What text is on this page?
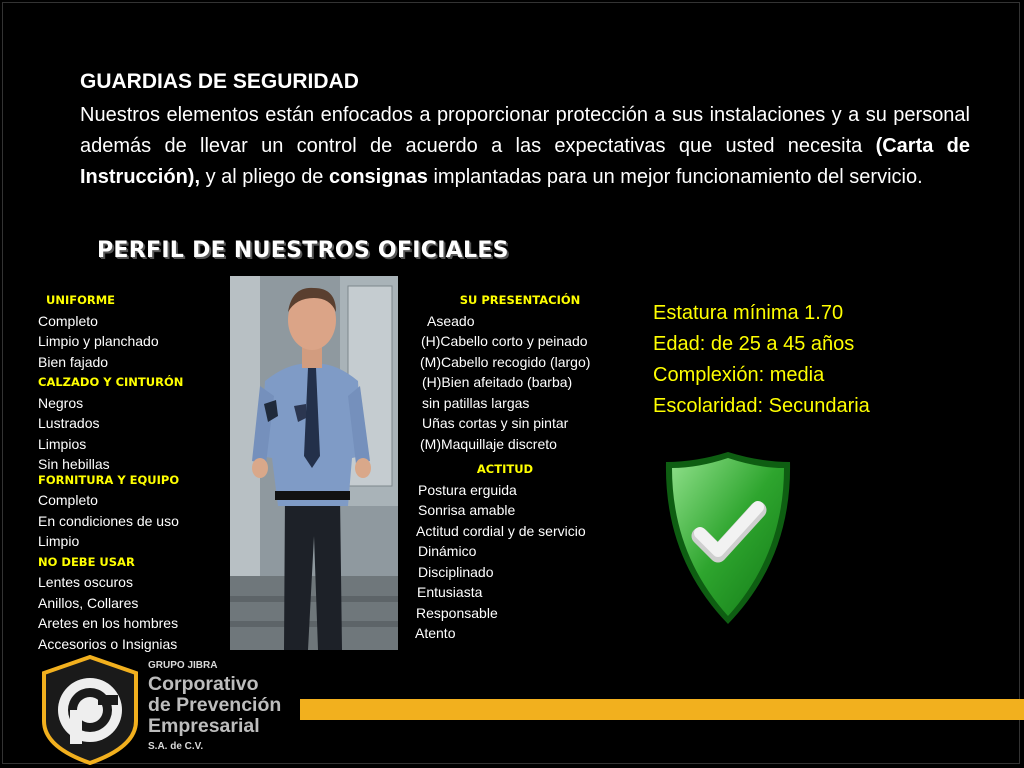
GUARDIAS DE SEGURIDAD
Nuestros elementos están enfocados a proporcionar protección a sus instalaciones y a su personal además de llevar un control de acuerdo a las expectativas que usted necesita (Carta de Instrucción), y al pliego de consignas implantadas para un mejor funcionamiento del servicio.
PERFIL DE NUESTROS OFICIALES
UNIFORME
Completo
Limpio y planchado
Bien fajado
CALZADO Y CINTURÓN
Negros
Lustrados
Limpios
Sin hebillas
FORNITURA Y EQUIPO
Completo
En condiciones de uso
Limpio
NO DEBE USAR
Lentes oscuros
Anillos, Collares
Aretes en los hombres
Accesorios o Insignias
SU PRESENTACIÓN
Aseado
(H)Cabello corto y peinado
(M)Cabello recogido (largo)
(H)Bien afeitado (barba)
sin patillas largas
Uñas cortas y sin pintar
(M)Maquillaje discreto
ACTITUD
Postura erguida
Sonrisa amable
Actitud cordial y de servicio
Dinámico
Disciplinado
Entusiasta
Responsable
Atento
Estatura mínima 1.70
Edad: de 25 a 45 años
Complexión: media
Escolaridad: Secundaria
GRUPO JIBRA
Corporativo
de Prevención
Empresarial
S.A. de C.V.
